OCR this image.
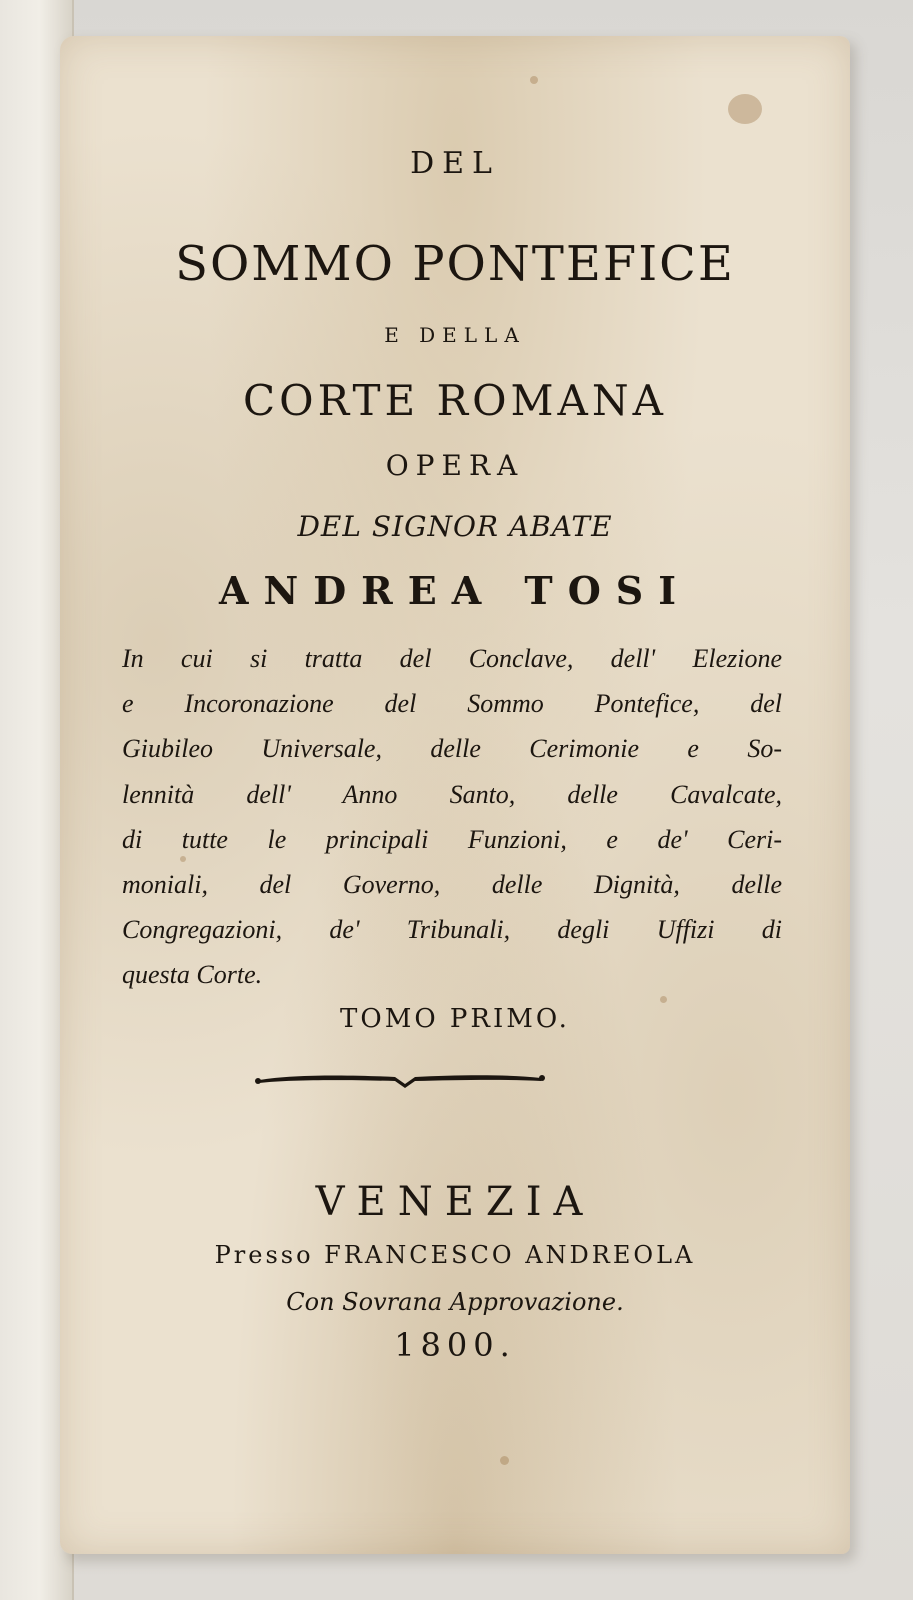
DEL
SOMMO PONTEFICE
E DELLA
CORTE ROMANA
OPERA
DEL SIGNOR ABATE
ANDREA TOSI
In cui si tratta del Conclave, dell' Elezione
e Incoronazione del Sommo Pontefice, del
Giubileo Universale, delle Cerimonie e So-
lennità dell' Anno Santo, delle Cavalcate,
di tutte le principali Funzioni, e de' Ceri-
moniali, del Governo, delle Dignità, delle
Congregazioni, de' Tribunali, degli Uffizi di
questa Corte.
TOMO PRIMO.
VENEZIA
Presso FRANCESCO ANDREOLA
Con Sovrana Approvazione.
1800.
